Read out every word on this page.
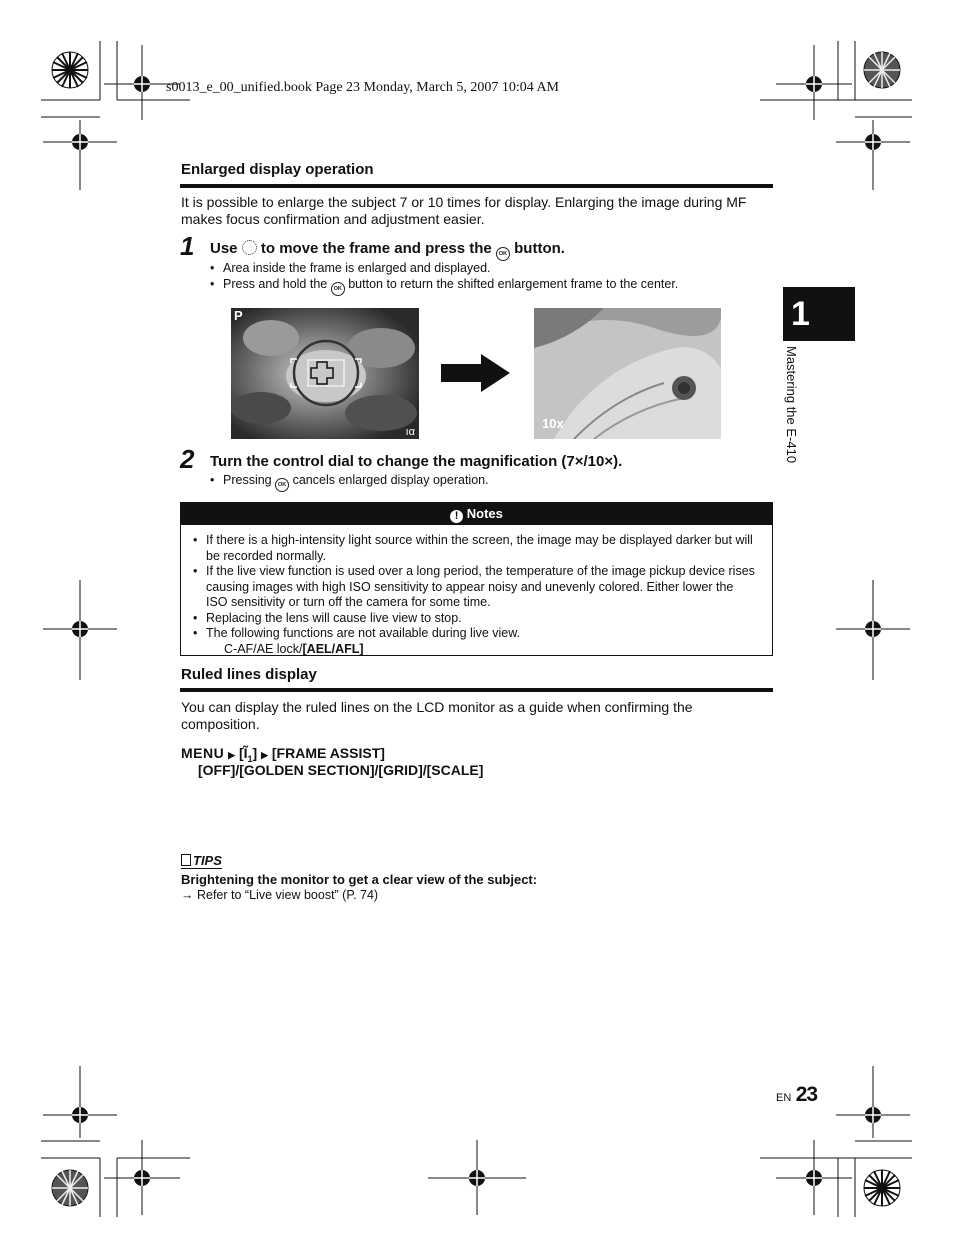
s0013_e_00_unified.book Page 23 Monday, March 5, 2007 10:04 AM
Enlarged display operation
It is possible to enlarge the subject 7 or 10 times for display. Enlarging the image during MF makes focus confirmation and adjustment easier.
1 Use to move the frame and press the OK button.
• Area inside the frame is enlarged and displayed.
• Press and hold the OK button to return the shifted enlargement frame to the center.
P
ıα
10x
2 Turn the control dial to change the magnification (7×/10×).
• Pressing OK cancels enlarged display operation.
! Notes
• If there is a high-intensity light source within the screen, the image may be displayed darker but will be recorded normally.
• If the live view function is used over a long period, the temperature of the image pickup device rises causing images with high ISO sensitivity to appear noisy and unevenly colored. Either lower the ISO sensitivity or turn off the camera for some time.
• Replacing the lens will cause live view to stop.
• The following functions are not available during live view.
C-AF/AE lock/[AEL/AFL]
Ruled lines display
You can display the ruled lines on the LCD monitor as a guide when confirming the composition.
MENU ▶ $[Ĩ_1]$ ▶ [FRAME ASSIST]
[OFF]/[GOLDEN SECTION]/[GRID]/[SCALE]
TIPS
Brightening the monitor to get a clear view of the subject:
→ Refer to “Live view boost” (P. 74)
1
Mastering the E-410
EN 23
